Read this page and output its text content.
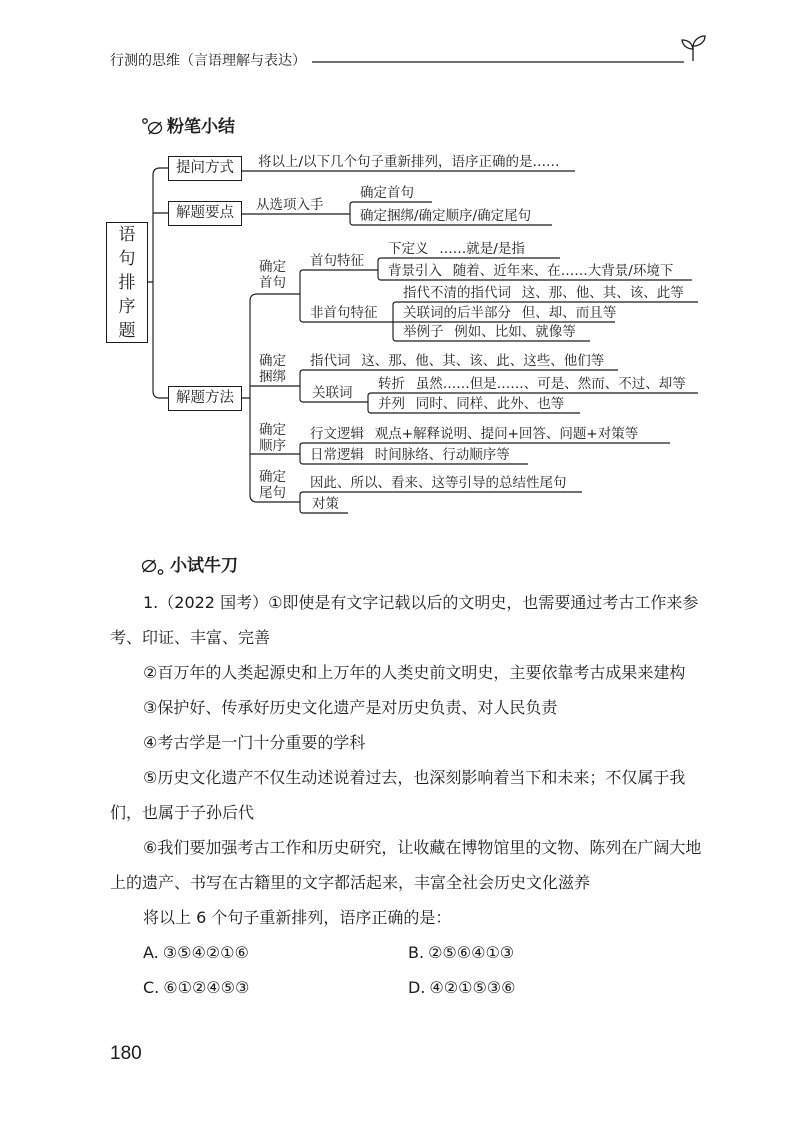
行测的思维（言语理解与表达）
粉笔小结
语句排序题
提问方式	将以上/以下几个句子重新排列，语序正确的是……
解题要点	从选项入手
确定首句
确定捆绑/确定顺序/确定尾句
解题方法
确定首句
首句特征
下定义 ……就是/是指
背景引入 随着、近年来、在……大背景/环境下
非首句特征
指代不清的指代词 这、那、他、其、该、此等
关联词的后半部分 但、却、而且等
举例子 例如、比如、就像等
确定捆绑
指代词 这、那、他、其、该、此、这些、他们等
关联词
转折 虽然……但是……、可是、然而、不过、却等
并列 同时、同样、此外、也等
确定顺序
行文逻辑 观点+解释说明、提问+回答、问题+对策等
日常逻辑 时间脉络、行动顺序等
确定尾句
因此、所以、看来、这等引导的总结性尾句
对策
小试牛刀

1.（2022 国考）①即使是有文字记载以后的文明史，也需要通过考古工作来参考、印证、丰富、完善

②百万年的人类起源史和上万年的人类史前文明史，主要依靠考古成果来建构

③保护好、传承好历史文化遗产是对历史负责、对人民负责

④考古学是一门十分重要的学科

⑤历史文化遗产不仅生动述说着过去，也深刻影响着当下和未来；不仅属于我们，也属于子孙后代

⑥我们要加强考古工作和历史研究，让收藏在博物馆里的文物、陈列在广阔大地上的遗产、书写在古籍里的文字都活起来，丰富全社会历史文化滋养

将以上 6 个句子重新排列，语序正确的是：

A. ③⑤④②①⑥	B. ②⑤⑥④①③
C. ⑥①②④⑤③	D. ④②①⑤③⑥
180
